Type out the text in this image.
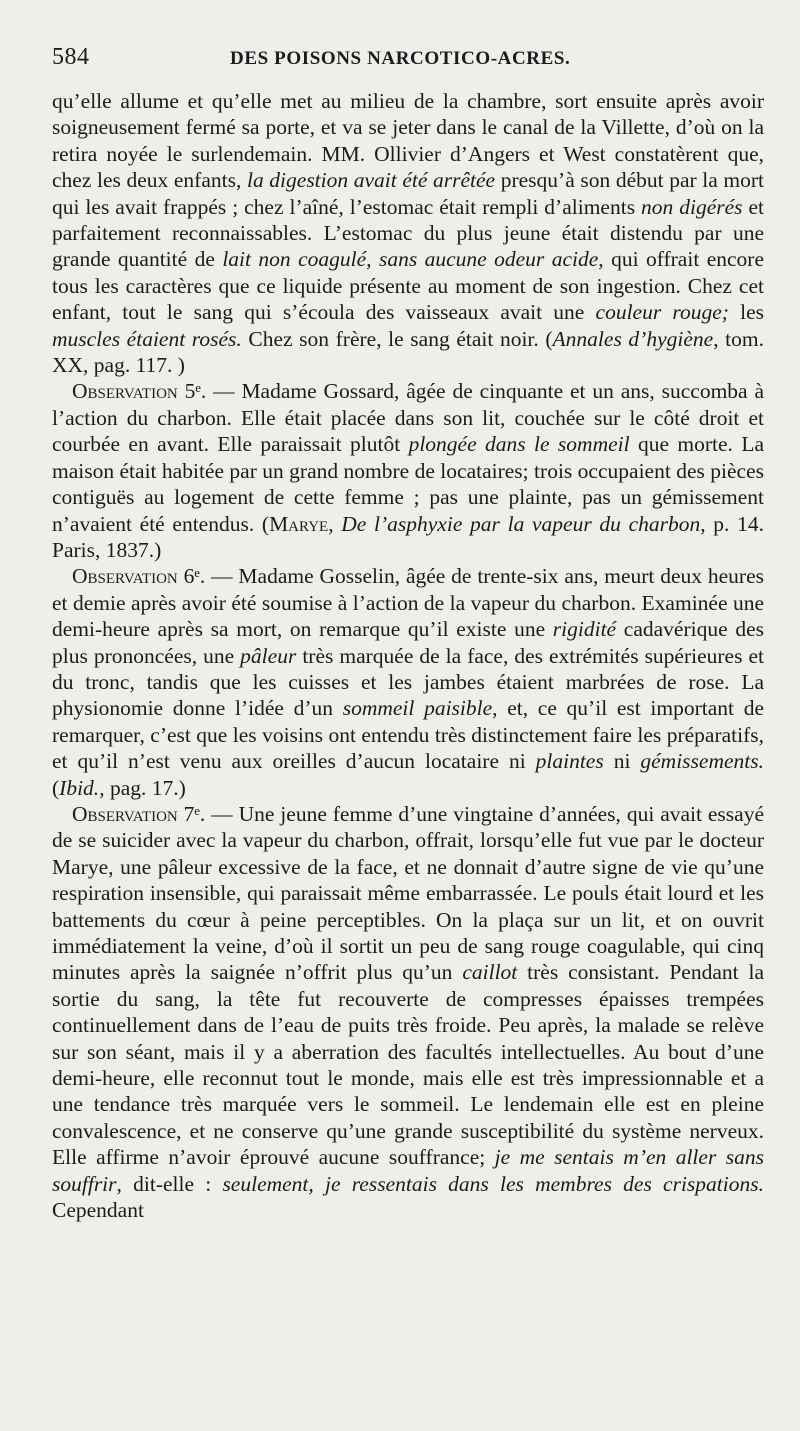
584	DES POISONS NARCOTICO-ACRES.

qu’elle allume et qu’elle met au milieu de la chambre, sort ensuite après avoir soigneusement fermé sa porte, et va se jeter dans le canal de la Villette, d’où on la retira noyée le surlendemain. MM. Ollivier d’Angers et West constatèrent que, chez les deux enfants, la digestion avait été arrêtée presqu’à son début par la mort qui les avait frappés ; chez l’aîné, l’estomac était rempli d’aliments non digérés et parfaitement reconnaissables. L’estomac du plus jeune était distendu par une grande quantité de lait non coagulé, sans aucune odeur acide, qui offrait encore tous les caractères que ce liquide présente au moment de son ingestion. Chez cet enfant, tout le sang qui s’écoula des vaisseaux avait une couleur rouge; les muscles étaient rosés. Chez son frère, le sang était noir. (Annales d’hygiène, tom. XX, pag. 117. )

Observation 5ᵉ. — Madame Gossard, âgée de cinquante et un ans, succomba à l’action du charbon. Elle était placée dans son lit, couchée sur le côté droit et courbée en avant. Elle paraissait plutôt plongée dans le sommeil que morte. La maison était habitée par un grand nombre de locataires; trois occupaient des pièces contiguës au logement de cette femme ; pas une plainte, pas un gémissement n’avaient été entendus. (Marye, De l’asphyxie par la vapeur du charbon, p. 14. Paris, 1837.)

Observation 6ᵉ. — Madame Gosselin, âgée de trente-six ans, meurt deux heures et demie après avoir été soumise à l’action de la vapeur du charbon. Examinée une demi-heure après sa mort, on remarque qu’il existe une rigidité cadavérique des plus prononcées, une pâleur très marquée de la face, des extrémités supérieures et du tronc, tandis que les cuisses et les jambes étaient marbrées de rose. La physionomie donne l’idée d’un sommeil paisible, et, ce qu’il est important de remarquer, c’est que les voisins ont entendu très distinctement faire les préparatifs, et qu’il n’est venu aux oreilles d’aucun locataire ni plaintes ni gémissements. (Ibid., pag. 17.)

Observation 7ᵉ. — Une jeune femme d’une vingtaine d’années, qui avait essayé de se suicider avec la vapeur du charbon, offrait, lorsqu’elle fut vue par le docteur Marye, une pâleur excessive de la face, et ne donnait d’autre signe de vie qu’une respiration insensible, qui paraissait même embarrassée. Le pouls était lourd et les battements du cœur à peine perceptibles. On la plaça sur un lit, et on ouvrit immédiatement la veine, d’où il sortit un peu de sang rouge coagulable, qui cinq minutes après la saignée n’offrit plus qu’un caillot très consistant. Pendant la sortie du sang, la tête fut recouverte de compresses épaisses trempées continuellement dans de l’eau de puits très froide. Peu après, la malade se relève sur son séant, mais il y a aberration des facultés intellectuelles. Au bout d’une demi-heure, elle reconnut tout le monde, mais elle est très impressionnable et a une tendance très marquée vers le sommeil. Le lendemain elle est en pleine convalescence, et ne conserve qu’une grande susceptibilité du système nerveux. Elle affirme n’avoir éprouvé aucune souffrance; je me sentais m’en aller sans souffrir, dit-elle : seulement, je ressentais dans les membres des crispations. Cependant
